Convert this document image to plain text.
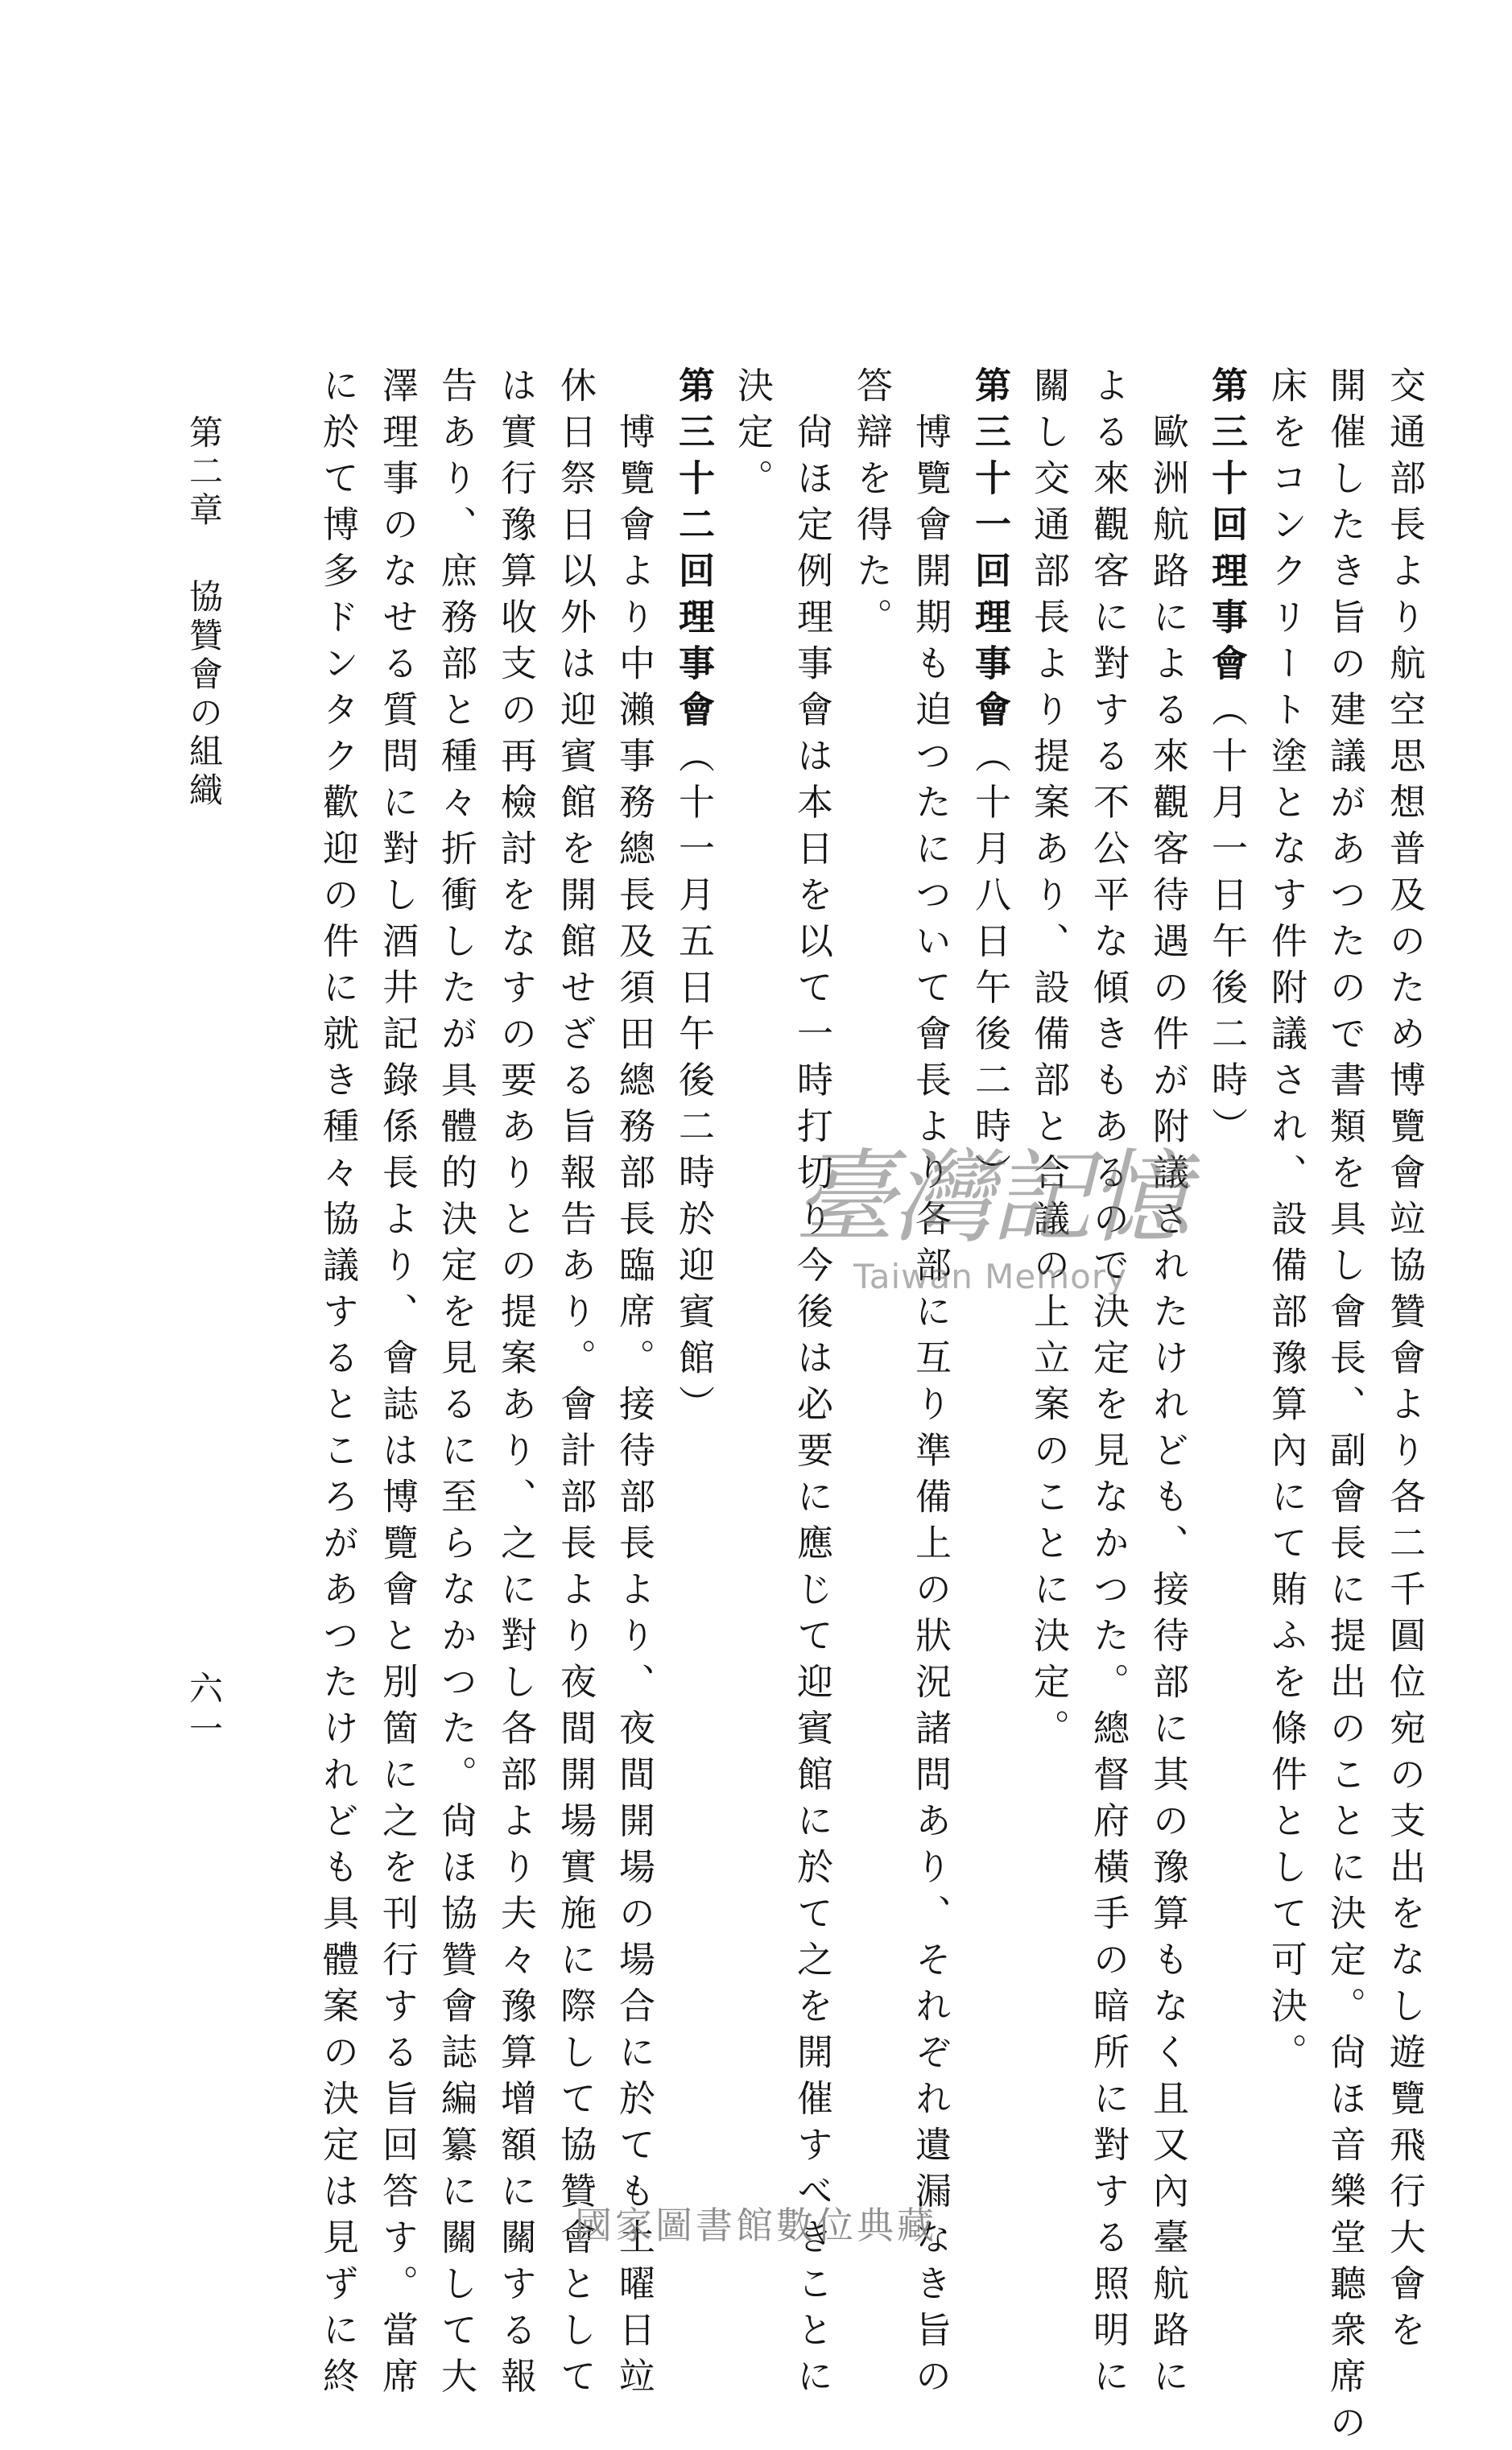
交通部長より航空思想普及のため博覽會竝協贊會より各二千圓位宛の支出をなし遊覽飛行大會を
開催したき旨の建議があつたので書類を具し會長、副會長に提出のことに決定。尙ほ音樂堂聽衆席の
床をコンクリート塗となす件附議され、設備部豫算內にて賄ふを條件として可決。
第三十回理事會（十月一日午後二時）
　歐洲航路による來觀客待遇の件が附議されたけれども、接待部に其の豫算もなく且又內臺航路に
よる來觀客に對する不公平な傾きもあるので決定を見なかつた。總督府橫手の暗所に對する照明に
關し交通部長より提案あり、設備部と合議の上立案のことに決定。
第三十一回理事會（十月八日午後二時）
　博覽會開期も迫つたについて會長より各部に互り準備上の狀況諸問あり、それぞれ遺漏なき旨の
答辯を得た。
　尙ほ定例理事會は本日を以て一時打切り今後は必要に應じて迎賓館に於て之を開催すべきことに
決定。
第三十二回理事會（十一月五日午後二時於迎賓館）
　博覽會より中瀨事務總長及須田總務部長臨席。接待部長より、夜間開場の場合に於ても土曜日竝
休日祭日以外は迎賓館を開館せざる旨報告あり。會計部長より夜間開場實施に際して協贊會として
は實行豫算收支の再檢討をなすの要ありとの提案あり、之に對し各部より夫々豫算增額に關する報
告あり、庶務部と種々折衝したが具體的決定を見るに至らなかつた。尙ほ協贊會誌編纂に關して大
澤理事のなせる質問に對し酒井記錄係長より、會誌は博覽會と別箇に之を刊行する旨回答す。當席
に於て博多ドンタク歡迎の件に就き種々協議するところがあつたけれども具體案の決定は見ずに終
第二章協贊會の組織
六一
臺灣記憶
Taiwan Memory
國家圖書館數位典藏
